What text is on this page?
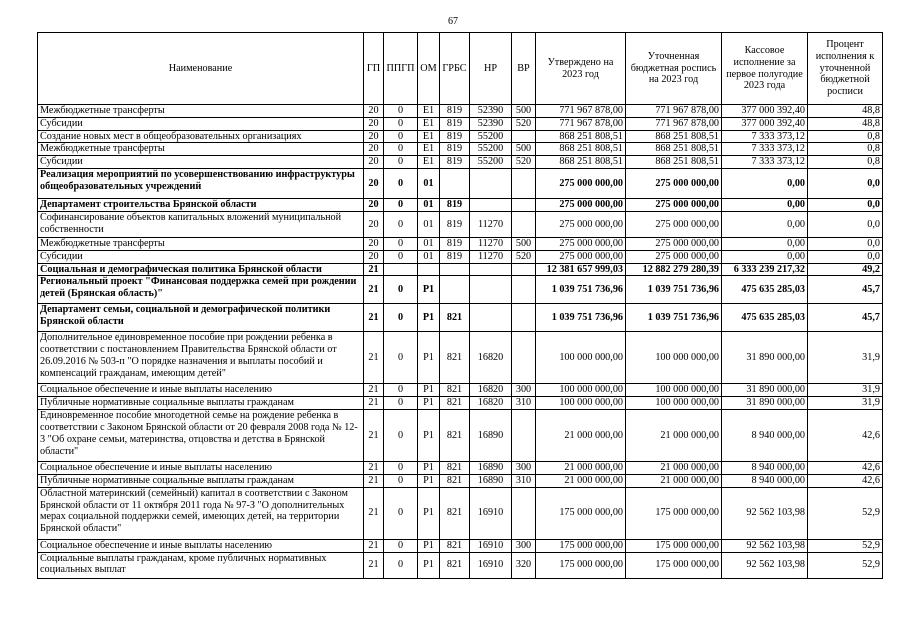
67
Наименование	ГП	ППГП	ОМ	ГРБС	НР	ВР	Утверждено на 2023 год	Уточненная бюджетная роспись на 2023 год	Кассовое исполнение за первое полугодие 2023 года	Процент исполнения к уточненной бюджетной росписи
Межбюджетные трансферты	20	0	E1	819	52390	500	771 967 878,00	771 967 878,00	377 000 392,40	48,8
Субсидии	20	0	E1	819	52390	520	771 967 878,00	771 967 878,00	377 000 392,40	48,8
Создание новых мест в общеобразовательных организациях	20	0	E1	819	55200		868 251 808,51	868 251 808,51	7 333 373,12	0,8
Межбюджетные трансферты	20	0	E1	819	55200	500	868 251 808,51	868 251 808,51	7 333 373,12	0,8
Субсидии	20	0	E1	819	55200	520	868 251 808,51	868 251 808,51	7 333 373,12	0,8
Реализация мероприятий по усовершенствованию инфраструктуры общеобразовательных учреждений	20	0	01				275 000 000,00	275 000 000,00	0,00	0,0
Департамент строительства Брянской области	20	0	01	819			275 000 000,00	275 000 000,00	0,00	0,0
Софинансирование объектов капитальных вложений муниципальной собственности	20	0	01	819	11270		275 000 000,00	275 000 000,00	0,00	0,0
Межбюджетные трансферты	20	0	01	819	11270	500	275 000 000,00	275 000 000,00	0,00	0,0
Субсидии	20	0	01	819	11270	520	275 000 000,00	275 000 000,00	0,00	0,0
Социальная и демографическая политика Брянской области	21						12 381 657 999,03	12 882 279 280,39	6 333 239 217,32	49,2
Региональный проект "Финансовая поддержка семей при рождении детей (Брянская область)"	21	0	P1				1 039 751 736,96	1 039 751 736,96	475 635 285,03	45,7
Департамент семьи, социальной и демографической политики Брянской области	21	0	P1	821			1 039 751 736,96	1 039 751 736,96	475 635 285,03	45,7
Дополнительное единовременное пособие при рождении ребенка в соответствии с постановлением Правительства Брянской области от 26.09.2016 № 503-п "О порядке назначения и выплаты пособий и компенсаций гражданам, имеющим детей"	21	0	P1	821	16820		100 000 000,00	100 000 000,00	31 890 000,00	31,9
Социальное обеспечение и иные выплаты населению	21	0	P1	821	16820	300	100 000 000,00	100 000 000,00	31 890 000,00	31,9
Публичные нормативные социальные выплаты гражданам	21	0	P1	821	16820	310	100 000 000,00	100 000 000,00	31 890 000,00	31,9
Единовременное пособие многодетной семье на рождение ребенка в соответствии с Законом Брянской области от 20 февраля 2008 года № 12-3 "Об охране семьи, материнства, отцовства и детства в Брянской области"	21	0	P1	821	16890		21 000 000,00	21 000 000,00	8 940 000,00	42,6
Социальное обеспечение и иные выплаты населению	21	0	P1	821	16890	300	21 000 000,00	21 000 000,00	8 940 000,00	42,6
Публичные нормативные социальные выплаты гражданам	21	0	P1	821	16890	310	21 000 000,00	21 000 000,00	8 940 000,00	42,6
Областной материнский (семейный) капитал в соответствии с Законом Брянской области от 11 октября 2011 года № 97-З "О дополнительных мерах социальной поддержки семей, имеющих детей, на территории Брянской области"	21	0	P1	821	16910		175 000 000,00	175 000 000,00	92 562 103,98	52,9
Социальное обеспечение и иные выплаты населению	21	0	P1	821	16910	300	175 000 000,00	175 000 000,00	92 562 103,98	52,9
Социальные выплаты гражданам, кроме публичных нормативных социальных выплат	21	0	P1	821	16910	320	175 000 000,00	175 000 000,00	92 562 103,98	52,9
